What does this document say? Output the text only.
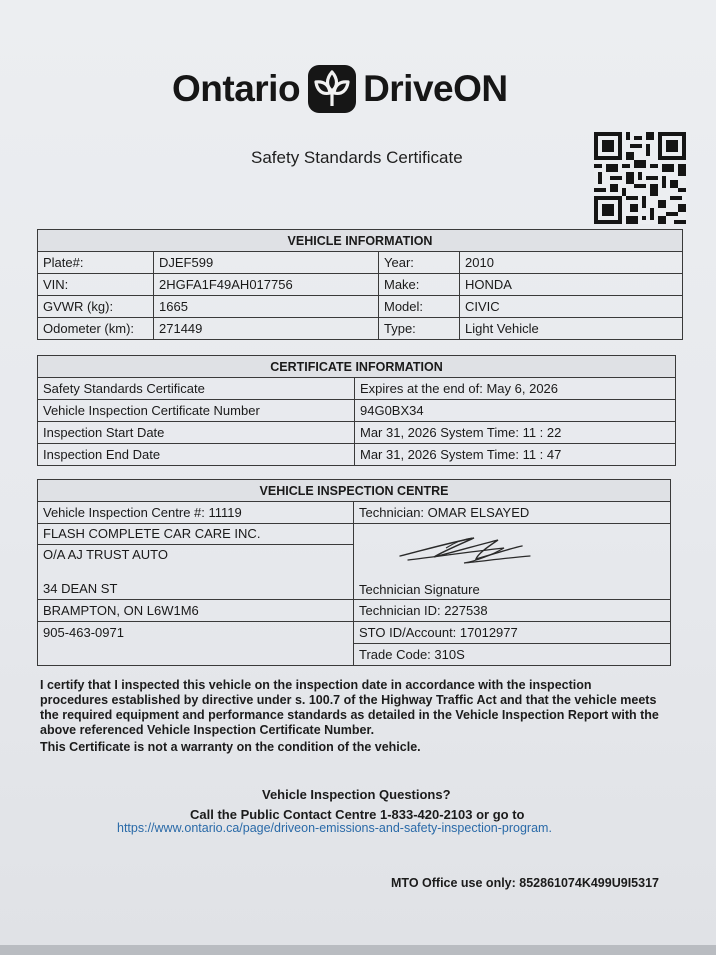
Ontario DriveON
Safety Standards Certificate
VEHICLE INFORMATION			
Plate#:	DJEF599	Year:	2010
VIN:	2HGFA1F49AH017756	Make:	HONDA
GVWR (kg):	1665	Model:	CIVIC
Odometer (km):	271449	Type:	Light Vehicle
CERTIFICATE INFORMATION	
Safety Standards Certificate	Expires at the end of: May 6, 2026
Vehicle Inspection Certificate Number	94G0BX34
Inspection Start Date	Mar 31, 2026 System Time: 11 : 22
Inspection End Date	Mar 31, 2026 System Time: 11 : 47
VEHICLE INSPECTION CENTRE	
Vehicle Inspection Centre #: 11119	Technician: OMAR ELSAYED

FLASH COMPLETE CAR CARE INC.
O/A AJ TRUST AUTO
34 DEAN ST	Technician Signature

BRAMPTON, ON L6W1M6	Technician ID: 227538
905-463-0971	STO ID/Account: 17012977
	Trade Code: 310S
I certify that I inspected this vehicle on the inspection date in accordance with the inspection procedures established by directive under s. 100.7 of the Highway Traffic Act and that the vehicle meets the required equipment and performance standards as detailed in the Vehicle Inspection Report with the above referenced Vehicle Inspection Certificate Number.
This Certificate is not a warranty on the condition of the vehicle.
Vehicle Inspection Questions?
Call the Public Contact Centre 1-833-420-2103 or go to
https://www.ontario.ca/page/driveon-emissions-and-safety-inspection-program.
MTO Office use only: 852861074K499U9I5317
